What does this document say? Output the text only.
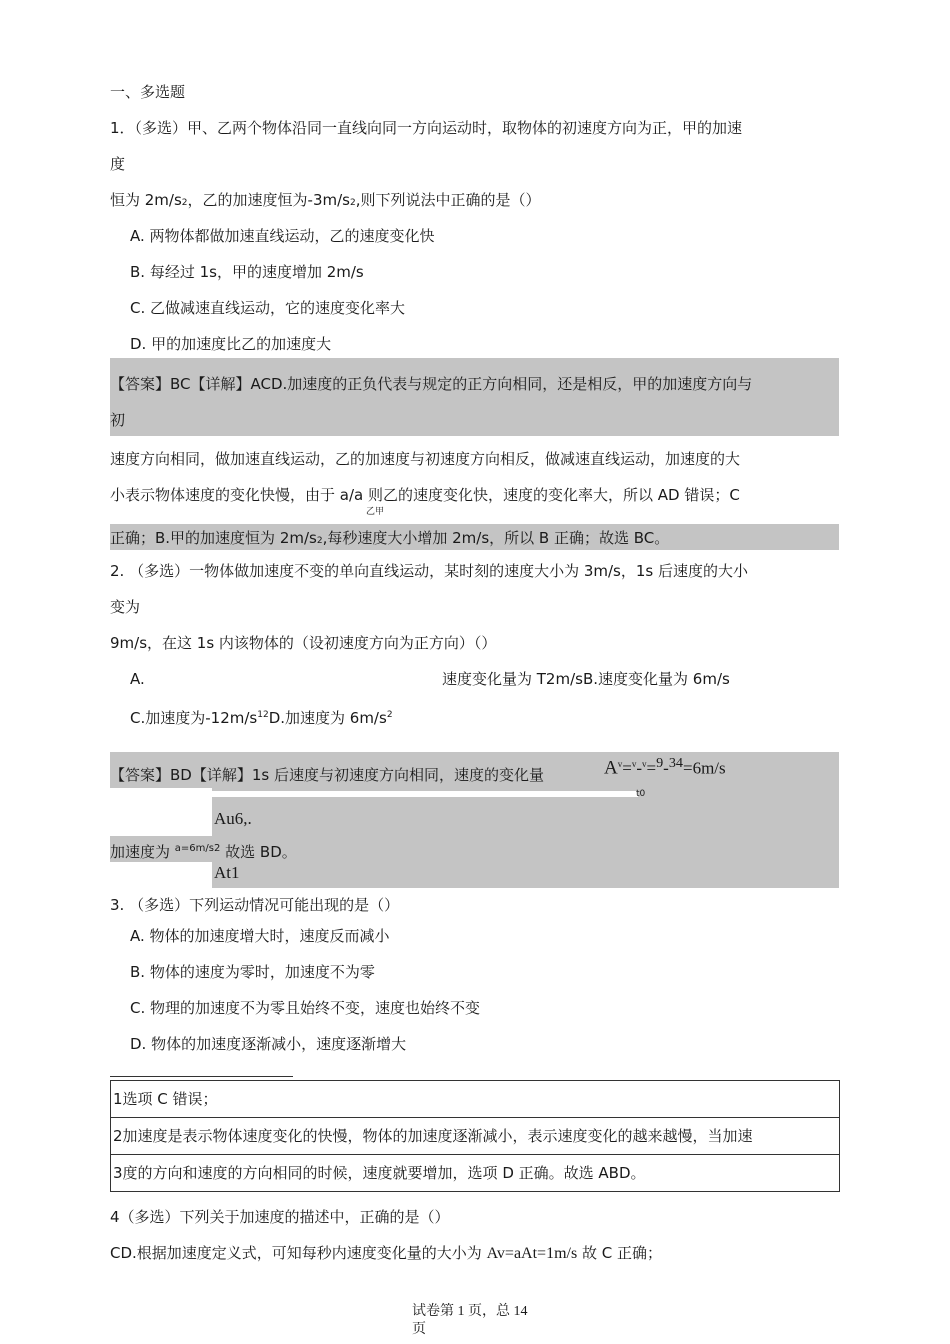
一、多选题
1．（多选）甲、乙两个物体沿同一直线向同一方向运动时，取物体的初速度方向为正，甲的加速
度
恒为 2m/s2，乙的加速度恒为-3m/s2,则下列说法中正确的是（）
A. 两物体都做加速直线运动，乙的速度变化快
B. 每经过 1s，甲的速度增加 2m/s
C. 乙做减速直线运动，它的速度变化率大
D. 甲的加速度比乙的加速度大
【答案】BC【详解】ACD.加速度的正负代表与规定的正方向相同，还是相反，甲的加速度方向与
初
速度方向相同，做加速直线运动，乙的加速度与初速度方向相反，做减速直线运动，加速度的大
小表示物体速度的变化快慢，由于 a/a 则乙的速度变化快，速度的变化率大，所以 AD 错误；C
乙甲
正确；B.甲的加速度恒为 2m/s2,每秒速度大小增加 2m/s，所以 B 正确；故选 BC。
2. （多选）一物体做加速度不变的单向直线运动，某时刻的速度大小为 3m/s，1s 后速度的大小
变为
9m/s，在这 1s 内该物体的（设初速度方向为正方向）（）
A.	速度变化量为 T2m/sB.速度变化量为 6m/s
C.加速度为$-12m/s^{12}D$.加速度为 $6m/s^2$
【答案】BD【详解】1s 后速度与初速度方向相同，速度的变化量	$A^v=^v-^v=^9-^{34}=6m/s$
t0
Au6,.
加速度为 $^{a=6m/s2}$ 故选 BD。
At1
3. （多选）下列运动情况可能出现的是（）
A. 物体的加速度增大时，速度反而减小
B. 物体的速度为零时，加速度不为零
C. 物理的加速度不为零且始终不变，速度也始终不变
D. 物体的加速度逐渐减小，速度逐渐增大
1选项 C 错误；
2加速度是表示物体速度变化的快慢，物体的加速度逐渐减小，表示速度变化的越来越慢，当加速
3度的方向和速度的方向相同的时候，速度就要增加，选项 D 正确。故选 ABD。
4（多选）下列关于加速度的描述中，正确的是（）
CD.根据加速度定义式，可知每秒内速度变化量的大小为 Av=aAt=1m/s 故 C 正确；
试卷第 1 页，总 14
页
